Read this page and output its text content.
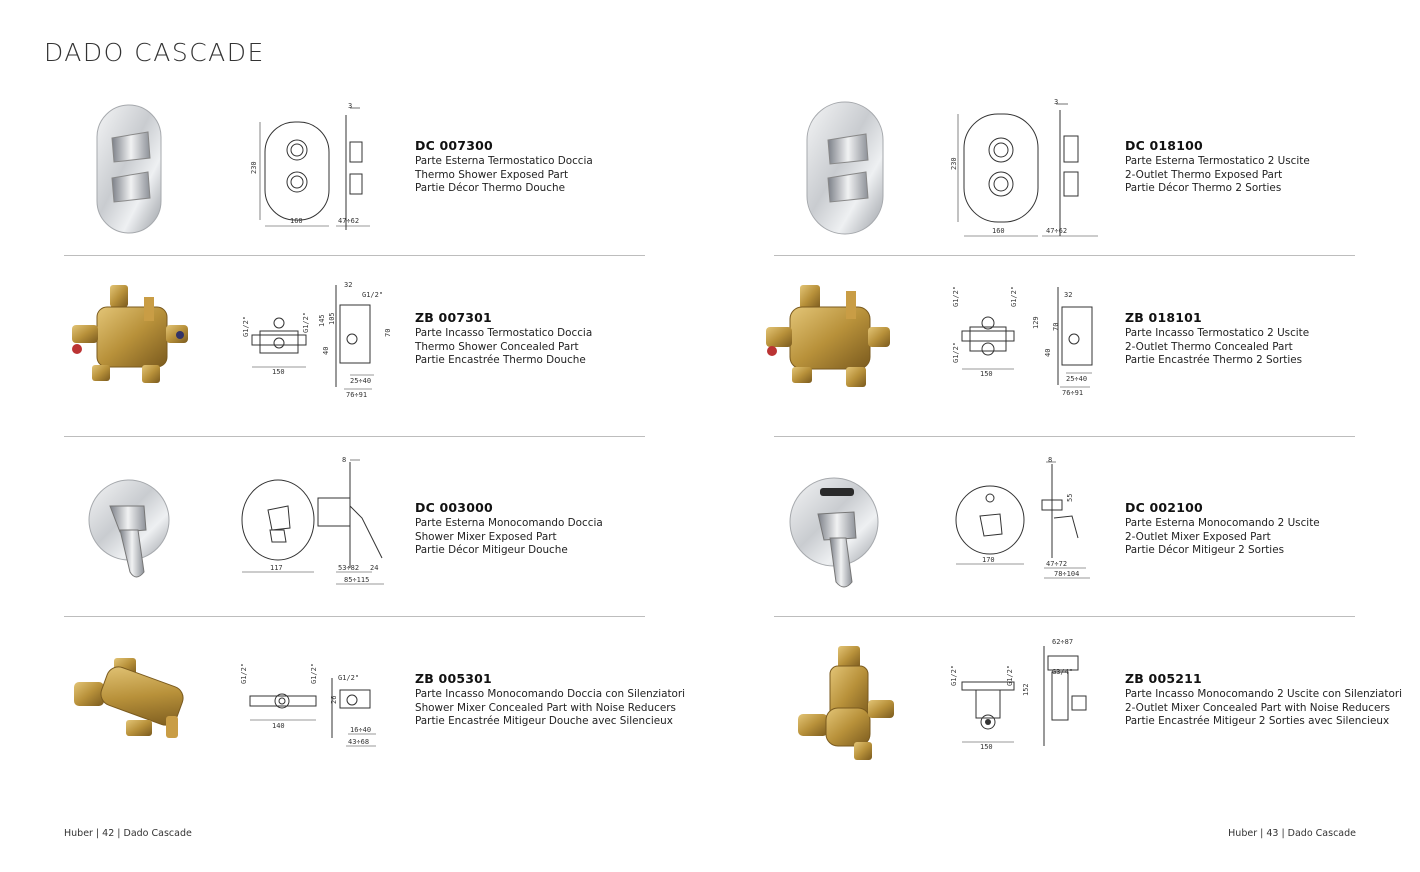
DADO CASCADE
3
230
160	47÷62
DC 007300
Parte Esterna Termostatico Doccia
Thermo Shower Exposed Part
Partie Décor Thermo Douche
G1/2"	G1/2"
150
32
G1/2"
145 105
40
70
25÷40
76÷91
ZB 007301
Parte Incasso Termostatico Doccia
Thermo Shower Concealed Part
Partie Encastrée Thermo Douche
117
8
53÷82 24
85÷115
DC 003000
Parte Esterna Monocomando Doccia
Shower Mixer Exposed Part
Partie Décor Mitigeur Douche
G1/2"	G1/2"
140
G1/2"
26
16÷40
43÷68
ZB 005301
Parte Incasso Monocomando Doccia con Silenziatori
Shower Mixer Concealed Part with Noise Reducers
Partie Encastrée Mitigeur Douche avec Silencieux
3
230
160	47÷62
DC 018100
Parte Esterna Termostatico 2 Uscite
2-Outlet Thermo Exposed Part
Partie Décor Thermo 2 Sorties
G1/2"	G1/2"
G1/2"
150
32
129
40
70
25÷40
76÷91
ZB 018101
Parte Incasso Termostatico 2 Uscite
2-Outlet Thermo Concealed Part
Partie Encastrée Thermo 2 Sorties
170
8
55
47÷72
78÷104
DC 002100
Parte Esterna Monocomando 2 Uscite
2-Outlet Mixer Exposed Part
Partie Décor Mitigeur 2 Sorties
G1/2"	G1/2"
150
62÷87
G3/4"
152
ZB 005211
Parte Incasso Monocomando 2 Uscite con Silenziatori
2-Outlet Mixer Concealed Part with Noise Reducers
Partie Encastrée Mitigeur 2 Sorties avec Silencieux
Huber | 42 | Dado Cascade	Huber | 43 | Dado Cascade
